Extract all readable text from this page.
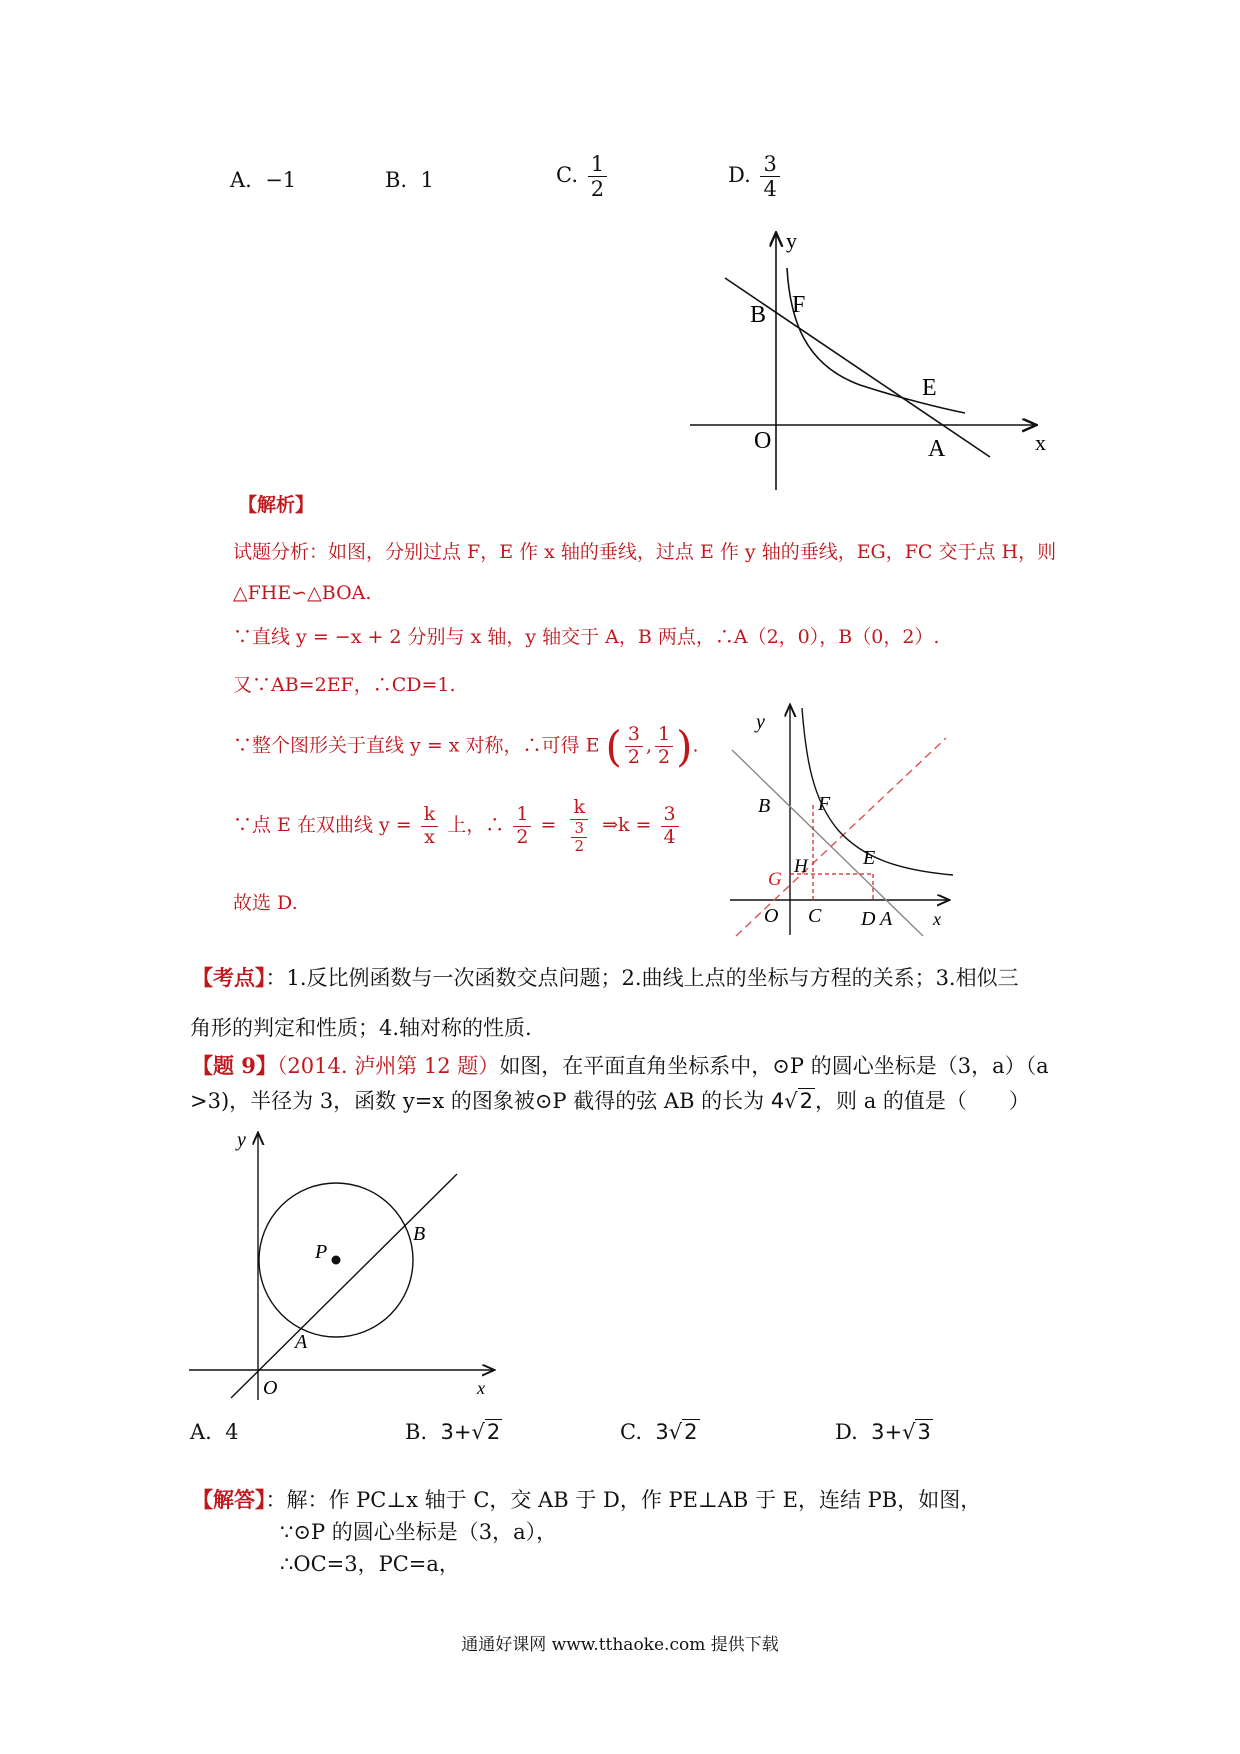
A. −1	B. 1	C. $\frac{1}{2}$	D. $\frac{3}{4}$
y
B F
E
O	A	x
【解析】
试题分析：如图，分别过点 F，E 作 x 轴的垂线，过点 E 作 y 轴的垂线，EG，FC 交于点 H，则
△FHE∽△BOA.
∵直线 y = −x + 2 分别与 x 轴，y 轴交于 A，B 两点，∴A（2，0），B（0，2）.
又∵AB=2EF，∴CD=1.
∵整个图形关于直线 y = x 对称，∴可得 E ( $\frac{3}{2}$ , $\frac{1}{2}$ ).
∵点 E 在双曲线 $y = \frac{k}{x}$ 上，∴ $\frac{1}{2} = \frac{k}{\frac{3}{2}}$ ⇒k = $\frac{3}{4}$
故选 D.
y
B F
H	E
G
O C D A x
【考点】：1.反比例函数与一次函数交点问题；2.曲线上点的坐标与方程的关系；3.相似三
角形的判定和性质；4.轴对称的性质.
【题 9】（2014. 泸州第 12 题）如图，在平面直角坐标系中，⊙P 的圆心坐标是（3，a）（a
>3)，半径为 3，函数 y=x 的图象被⊙P 截得的弦 AB 的长为 4√2，则 a 的值是（　　）
y
P
B
A
O	x
A. 4	B. 3+√2	C. 3√2	D. 3+√3
【解答】：解：作 PC⊥x 轴于 C，交 AB 于 D，作 PE⊥AB 于 E，连结 PB，如图，
∵⊙P 的圆心坐标是（3，a），
∴OC=3，PC=a，
通通好课网 www.tthaoke.com 提供下载
